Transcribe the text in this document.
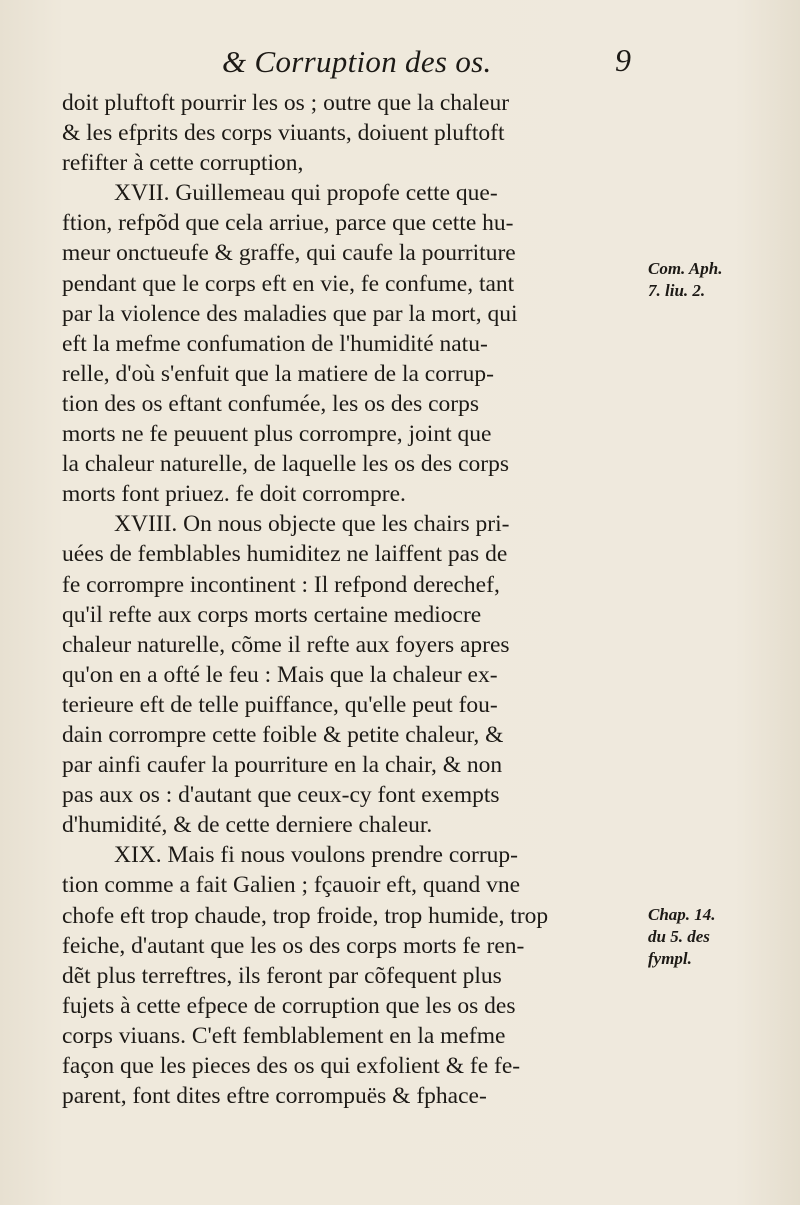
& Corruption des os.	9
doit pluftoft pourrir les os ; outre que la chaleur
& les efprits des corps viuants, doiuent pluftoft
refifter à cette corruption,
XVII. Guillemeau qui propofe cette que-
ftion, refpõd que cela arriue, parce que cette hu-
meur onctueufe & graffe, qui caufe la pourriture
pendant que le corps eft en vie, fe confume, tant
par la violence des maladies que par la mort, qui
eft la mefme confumation de l'humidité natu-
relle, d'où s'enfuit que la matiere de la corrup-
tion des os eftant confumée, les os des corps
morts ne fe peuuent plus corrompre, joint que
la chaleur naturelle, de laquelle les os des corps
morts font priuez. fe doit corrompre.
XVIII. On nous objecte que les chairs pri-
uées de femblables humiditez ne laiffent pas de
fe corrompre incontinent : Il refpond derechef,
qu'il refte aux corps morts certaine mediocre
chaleur naturelle, cõme il refte aux foyers apres
qu'on en a ofté le feu : Mais que la chaleur ex-
terieure eft de telle puiffance, qu'elle peut fou-
dain corrompre cette foible & petite chaleur, &
par ainfi caufer la pourriture en la chair, & non
pas aux os : d'autant que ceux-cy font exempts
d'humidité, & de cette derniere chaleur.
XIX. Mais fi nous voulons prendre corrup-
tion comme a fait Galien ; fçauoir eft, quand vne
chofe eft trop chaude, trop froide, trop humide, trop
feiche, d'autant que les os des corps morts fe ren-
dẽt plus terreftres, ils feront par cõfequent plus
fujets à cette efpece de corruption que les os des
corps viuans. C'eft femblablement en la mefme
façon que les pieces des os qui exfolient & fe fe-
parent, font dites eftre corrompuës & fphace-
Com. Aph.
7. liu. 2.
Chap. 14.
du 5. des
fympl.
